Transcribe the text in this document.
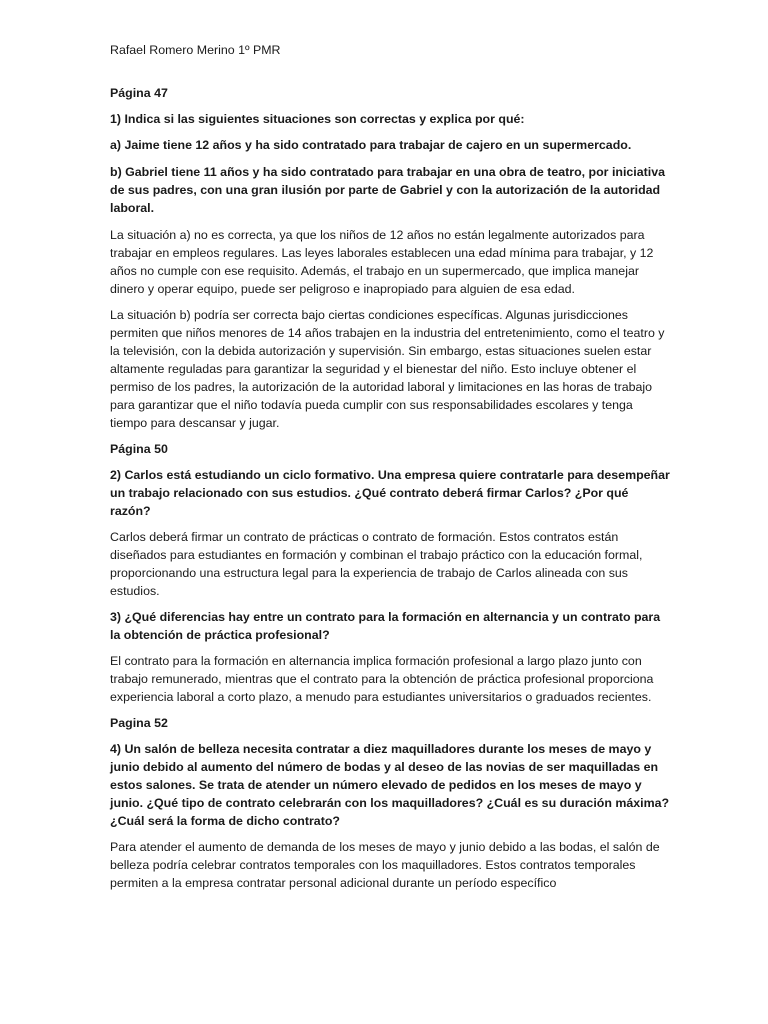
Rafael Romero Merino 1º PMR

Página 47

1) Indica si las siguientes situaciones son correctas y explica por qué:

a) Jaime tiene 12 años y ha sido contratado para trabajar de cajero en un supermercado.

b) Gabriel tiene 11 años y ha sido contratado para trabajar en una obra de teatro, por iniciativa de sus padres, con una gran ilusión por parte de Gabriel y con la autorización de la autoridad laboral.

La situación a) no es correcta, ya que los niños de 12 años no están legalmente autorizados para trabajar en empleos regulares. Las leyes laborales establecen una edad mínima para trabajar, y 12 años no cumple con ese requisito. Además, el trabajo en un supermercado, que implica manejar dinero y operar equipo, puede ser peligroso e inapropiado para alguien de esa edad.

La situación b) podría ser correcta bajo ciertas condiciones específicas. Algunas jurisdicciones permiten que niños menores de 14 años trabajen en la industria del entretenimiento, como el teatro y la televisión, con la debida autorización y supervisión. Sin embargo, estas situaciones suelen estar altamente reguladas para garantizar la seguridad y el bienestar del niño. Esto incluye obtener el permiso de los padres, la autorización de la autoridad laboral y limitaciones en las horas de trabajo para garantizar que el niño todavía pueda cumplir con sus responsabilidades escolares y tenga tiempo para descansar y jugar.

Página 50

2) Carlos está estudiando un ciclo formativo. Una empresa quiere contratarle para desempeñar un trabajo relacionado con sus estudios. ¿Qué contrato deberá firmar Carlos? ¿Por qué razón?

Carlos deberá firmar un contrato de prácticas o contrato de formación. Estos contratos están diseñados para estudiantes en formación y combinan el trabajo práctico con la educación formal, proporcionando una estructura legal para la experiencia de trabajo de Carlos alineada con sus estudios.

3) ¿Qué diferencias hay entre un contrato para la formación en alternancia y un contrato para la obtención de práctica profesional?

El contrato para la formación en alternancia implica formación profesional a largo plazo junto con trabajo remunerado, mientras que el contrato para la obtención de práctica profesional proporciona experiencia laboral a corto plazo, a menudo para estudiantes universitarios o graduados recientes.

Pagina 52

4) Un salón de belleza necesita contratar a diez maquilladores durante los meses de mayo y junio debido al aumento del número de bodas y al deseo de las novias de ser maquilladas en estos salones. Se trata de atender un número elevado de pedidos en los meses de mayo y junio. ¿Qué tipo de contrato celebrarán con los maquilladores? ¿Cuál es su duración máxima? ¿Cuál será la forma de dicho contrato?

Para atender el aumento de demanda de los meses de mayo y junio debido a las bodas, el salón de belleza podría celebrar contratos temporales con los maquilladores. Estos contratos temporales permiten a la empresa contratar personal adicional durante un período específico
